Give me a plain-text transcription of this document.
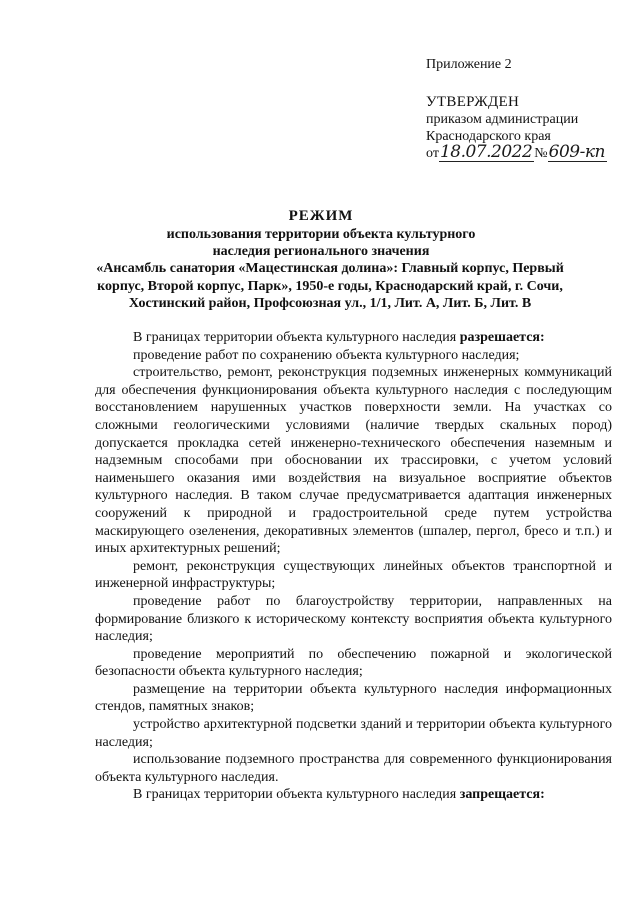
Приложение 2
УТВЕРЖДЕН
приказом администрации
Краснодарского края
от18.07.2022 №609-кп
РЕЖИМ
использования территории объекта культурного
наследия регионального значения
«Ансамбль санатория «Мацестинская долина»: Главный корпус, Первый
корпус, Второй корпус, Парк», 1950-е годы, Краснодарский край, г. Сочи,
Хостинский район, Профсоюзная ул., 1/1, Лит. А, Лит. Б, Лит. В

В границах территории объекта культурного наследия разрешается:

проведение работ по сохранению объекта культурного наследия;

строительство, ремонт, реконструкция подземных инженерных коммуникаций для обеспечения функционирования объекта культурного наследия с последующим восстановлением нарушенных участков поверхности земли. На участках со сложными геологическими условиями (наличие твердых скальных пород) допускается прокладка сетей инженерно-технического обеспечения наземным и надземным способами при обосновании их трассировки, с учетом условий наименьшего оказания ими воздействия на визуальное восприятие объектов культурного наследия. В таком случае предусматривается адаптация инженерных сооружений к природной и градостроительной среде путем устройства маскирующего озеленения, декоративных элементов (шпалер, пергол, бресо и т.п.) и иных архитектурных решений;

ремонт, реконструкция существующих линейных объектов транспортной и инженерной инфраструктуры;

проведение работ по благоустройству территории, направленных на формирование близкого к историческому контексту восприятия объекта культурного наследия;

проведение мероприятий по обеспечению пожарной и экологической безопасности объекта культурного наследия;

размещение на территории объекта культурного наследия информационных стендов, памятных знаков;

устройство архитектурной подсветки зданий и территории объекта культурного наследия;

использование подземного пространства для современного функционирования объекта культурного наследия.

В границах территории объекта культурного наследия запрещается:
